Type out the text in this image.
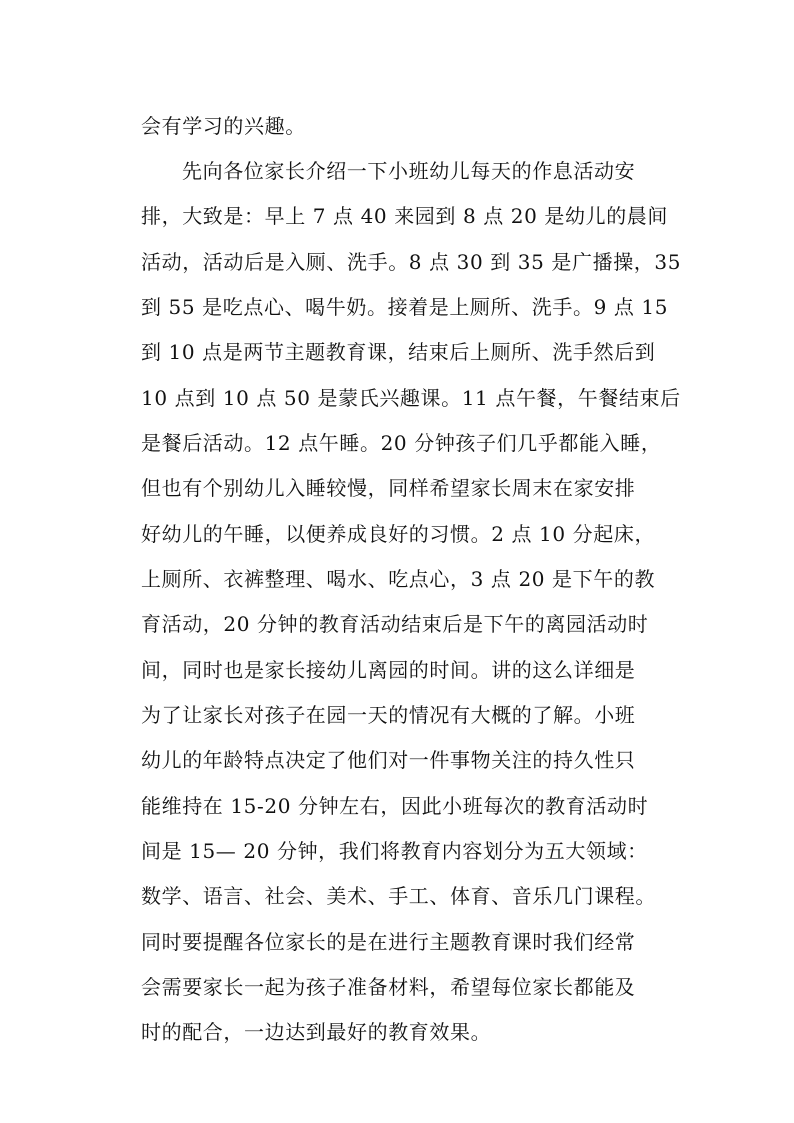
会有学习的兴趣。
先向各位家长介绍一下小班幼儿每天的作息活动安
排，大致是：早上 7 点 40 来园到 8 点 20 是幼儿的晨间
活动，活动后是入厕、洗手。8 点 30 到 35 是广播操，35
到 55 是吃点心、喝牛奶。接着是上厕所、洗手。9 点 15
到 10 点是两节主题教育课，结束后上厕所、洗手然后到
10 点到 10 点 50 是蒙氏兴趣课。11 点午餐，午餐结束后
是餐后活动。12 点午睡。20 分钟孩子们几乎都能入睡，
但也有个别幼儿入睡较慢，同样希望家长周末在家安排
好幼儿的午睡，以便养成良好的习惯。2 点 10 分起床，
上厕所、衣裤整理、喝水、吃点心，3 点 20 是下午的教
育活动，20 分钟的教育活动结束后是下午的离园活动时
间，同时也是家长接幼儿离园的时间。讲的这么详细是
为了让家长对孩子在园一天的情况有大概的了解。小班
幼儿的年龄特点决定了他们对一件事物关注的持久性只
能维持在 15-20 分钟左右，因此小班每次的教育活动时
间是 15— 20 分钟，我们将教育内容划分为五大领域：
数学、语言、社会、美术、手工、体育、音乐几门课程。
同时要提醒各位家长的是在进行主题教育课时我们经常
会需要家长一起为孩子准备材料，希望每位家长都能及
时的配合，一边达到最好的教育效果。
